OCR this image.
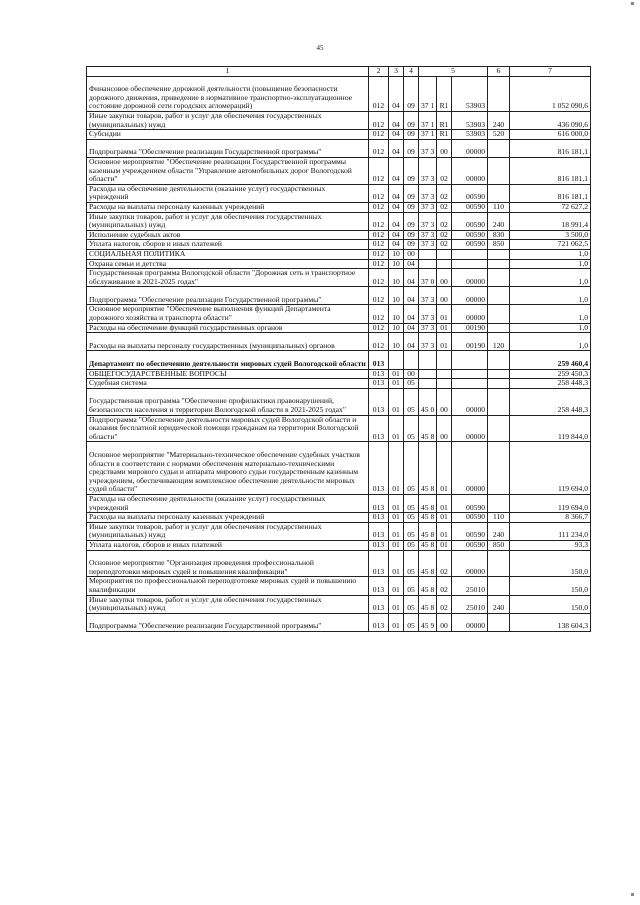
45
1	2	3	4	5			6	7
Финансовое обеспечение дорожной деятельности (повышение безопасности дорожного движения, приведение в нормативное транспортно-эксплуатационное состояние дорожной сети городских агломераций)	012	04	09	37 1	R1	53903		1 052 090,6
Иные закупки товаров, работ и услуг для обеспечения государственных (муниципальных) нужд	012	04	09	37 1	R1	53903	240	436 090,6
Субсидии	012	04	09	37 1	R1	53903	520	616 000,0
Подпрограмма "Обеспечение реализации Государственной программы"	012	04	09	37 3	00	00000		816 181,1
Основное мероприятие "Обеспечение реализации Государственной программы казенным учреждением области "Управление автомобильных дорог Вологодской области"	012	04	09	37 3	02	00000		816 181,1
Расходы на обеспечение деятельности (оказание услуг) государственных учреждений	012	04	09	37 3	02	00590		816 181,1
Расходы на выплаты персоналу казенных учреждений	012	04	09	37 3	02	00590	110	72 627,2
Иные закупки товаров, работ и услуг для обеспечения государственных (муниципальных) нужд	012	04	09	37 3	02	00590	240	18 991,4
Исполнение судебных актов	012	04	09	37 3	02	00590	830	3 500,0
Уплата налогов, сборов и иных платежей	012	04	09	37 3	02	00590	850	721 062,5
СОЦИАЛЬНАЯ ПОЛИТИКА	012	10	00					1,0
Охрана семьи и детства	012	10	04					1,0
Государственная программа Вологодской области "Дорожная сеть и транспортное обслуживание в 2021-2025 годах"	012	10	04	37 0	00	00000		1,0
Подпрограмма "Обеспечение реализации Государственной программы"	012	10	04	37 3	00	00000		1,0
Основное мероприятие "Обеспечение выполнения функций Департамента дорожного хозяйства и транспорта области"	012	10	04	37 3	01	00000		1,0
Расходы на обеспечение функций государственных органов	012	10	04	37 3	01	00190		1,0
Расходы на выплаты персоналу государственных (муниципальных) органов	012	10	04	37 3	01	00190	120	1,0
Департамент по обеспечению деятельности мировых судей Вологодской области	013							259 460,4
ОБЩЕГОСУДАРСТВЕННЫЕ ВОПРОСЫ	013	01	00					259 450,3
Судебная система	013	01	05					258 448,3
Государственная программа "Обеспечение профилактики правонарушений, безопасности населения и территории Вологодской области в 2021-2025 годах"	013	01	05	45 0	00	00000		258 448,3
Подпрограмма "Обеспечение деятельности мировых судей Вологодской области и оказания бесплатной юридической помощи гражданам на территории Вологодской области"	013	01	05	45 8	00	00000		119 844,0
Основное мероприятие "Материально-техническое обеспечение судебных участков области в соответствии с нормами обеспечения материально-техническими средствами мирового судьи и аппарата мирового судьи государственным казенным учреждением, обеспечивающим комплексное обеспечение деятельности мировых судей области"	013	01	05	45 8	01	00000		119 694,0
Расходы на обеспечение деятельности (оказание услуг) государственных учреждений	013	01	05	45 8	01	00590		119 694,0
Расходы на выплаты персоналу казенных учреждений	013	01	05	45 8	01	00590	110	8 366,7
Иные закупки товаров, работ и услуг для обеспечения государственных (муниципальных) нужд	013	01	05	45 8	01	00590	240	111 234,0
Уплата налогов, сборов и иных платежей	013	01	05	45 8	01	00590	850	93,3
Основное мероприятие "Организация проведения профессиональной переподготовки мировых судей и повышения квалификации"	013	01	05	45 8	02	00000		150,0
Мероприятия по профессиональной переподготовке мировых судей и повышению квалификации	013	01	05	45 8	02	25010		150,0
Иные закупки товаров, работ и услуг для обеспечения государственных (муниципальных) нужд	013	01	05	45 8	02	25010	240	150,0
Подпрограмма "Обеспечение реализации Государственной программы"	013	01	05	45 9	00	00000		138 604,3
